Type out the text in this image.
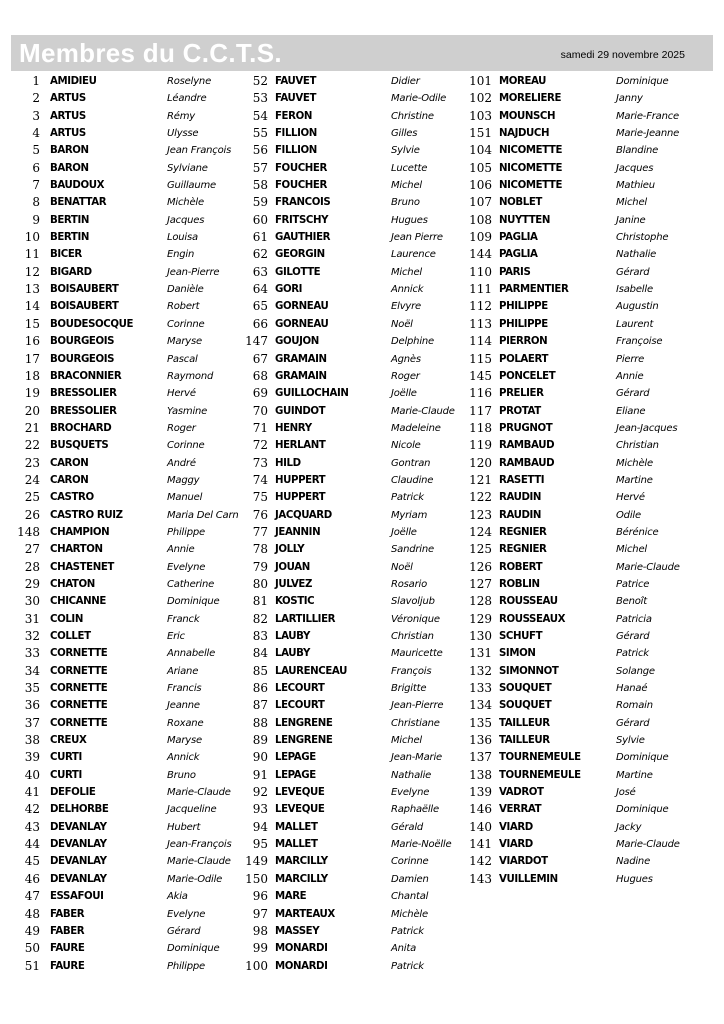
Membres du C.C.T.S.	samedi 29 novembre 2025
1 AMIDIEU	Roselyne
2 ARTUS	Léandre
3 ARTUS	Rémy
4 ARTUS	Ulysse
5 BARON	Jean François
6 BARON	Sylviane
7 BAUDOUX	Guillaume
8 BENATTAR	Michèle
9 BERTIN	Jacques
10 BERTIN	Louisa
11 BICER	Engin
12 BIGARD	Jean-Pierre
13 BOISAUBERT	Danièle
14 BOISAUBERT	Robert
15 BOUDESOCQUE	Corinne
16 BOURGEOIS	Maryse
17 BOURGEOIS	Pascal
18 BRACONNIER	Raymond
19 BRESSOLIER	Hervé
20 BRESSOLIER	Yasmine
21 BROCHARD	Roger
22 BUSQUETS	Corinne
23 CARON	André
24 CARON	Maggy
25 CASTRO	Manuel
26 CASTRO RUIZ	Maria Del Carn
148 CHAMPION	Philippe
27 CHARTON	Annie
28 CHASTENET	Evelyne
29 CHATON	Catherine
30 CHICANNE	Dominique
31 COLIN	Franck
32 COLLET	Eric
33 CORNETTE	Annabelle
34 CORNETTE	Ariane
35 CORNETTE	Francis
36 CORNETTE	Jeanne
37 CORNETTE	Roxane
38 CREUX	Maryse
39 CURTI	Annick
40 CURTI	Bruno
41 DEFOLIE	Marie-Claude
42 DELHORBE	Jacqueline
43 DEVANLAY	Hubert
44 DEVANLAY	Jean-François
45 DEVANLAY	Marie-Claude
46 DEVANLAY	Marie-Odile
47 ESSAFOUI	Akia
48 FABER	Evelyne
49 FABER	Gérard
50 FAURE	Dominique
51 FAURE	Philippe
52 FAUVET	Didier
53 FAUVET	Marie-Odile
54 FERON	Christine
55 FILLION	Gilles
56 FILLION	Sylvie
57 FOUCHER	Lucette
58 FOUCHER	Michel
59 FRANCOIS	Bruno
60 FRITSCHY	Hugues
61 GAUTHIER	Jean Pierre
62 GEORGIN	Laurence
63 GILOTTE	Michel
64 GORI	Annick
65 GORNEAU	Elvyre
66 GORNEAU	Noël
147 GOUJON	Delphine
67 GRAMAIN	Agnès
68 GRAMAIN	Roger
69 GUILLOCHAIN	Joëlle
70 GUINDOT	Marie-Claude
71 HENRY	Madeleine
72 HERLANT	Nicole
73 HILD	Gontran
74 HUPPERT	Claudine
75 HUPPERT	Patrick
76 JACQUARD	Myriam
77 JEANNIN	Joëlle
78 JOLLY	Sandrine
79 JOUAN	Noël
80 JULVEZ	Rosario
81 KOSTIC	Slavoljub
82 LARTILLIER	Véronique
83 LAUBY	Christian
84 LAUBY	Mauricette
85 LAURENCEAU	François
86 LECOURT	Brigitte
87 LECOURT	Jean-Pierre
88 LENGRENE	Christiane
89 LENGRENE	Michel
90 LEPAGE	Jean-Marie
91 LEPAGE	Nathalie
92 LEVEQUE	Evelyne
93 LEVEQUE	Raphaëlle
94 MALLET	Gérald
95 MALLET	Marie-Noëlle
149 MARCILLY	Corinne
150 MARCILLY	Damien
96 MARE	Chantal
97 MARTEAUX	Michèle
98 MASSEY	Patrick
99 MONARDI	Anita
100 MONARDI	Patrick
101 MOREAU	Dominique
102 MORELIERE	Janny
103 MOUNSCH	Marie-France
151 NAJDUCH	Marie-Jeanne
104 NICOMETTE	Blandine
105 NICOMETTE	Jacques
106 NICOMETTE	Mathieu
107 NOBLET	Michel
108 NUYTTEN	Janine
109 PAGLIA	Christophe
144 PAGLIA	Nathalie
110 PARIS	Gérard
111 PARMENTIER	Isabelle
112 PHILIPPE	Augustin
113 PHILIPPE	Laurent
114 PIERRON	Françoise
115 POLAERT	Pierre
145 PONCELET	Annie
116 PRELIER	Gérard
117 PROTAT	Eliane
118 PRUGNOT	Jean-Jacques
119 RAMBAUD	Christian
120 RAMBAUD	Michèle
121 RASETTI	Martine
122 RAUDIN	Hervé
123 RAUDIN	Odile
124 REGNIER	Bérénice
125 REGNIER	Michel
126 ROBERT	Marie-Claude
127 ROBLIN	Patrice
128 ROUSSEAU	Benoît
129 ROUSSEAUX	Patricia
130 SCHUFT	Gérard
131 SIMON	Patrick
132 SIMONNOT	Solange
133 SOUQUET	Hanaé
134 SOUQUET	Romain
135 TAILLEUR	Gérard
136 TAILLEUR	Sylvie
137 TOURNEMEULE	Dominique
138 TOURNEMEULE	Martine
139 VADROT	José
146 VERRAT	Dominique
140 VIARD	Jacky
141 VIARD	Marie-Claude
142 VIARDOT	Nadine
143 VUILLEMIN	Hugues
